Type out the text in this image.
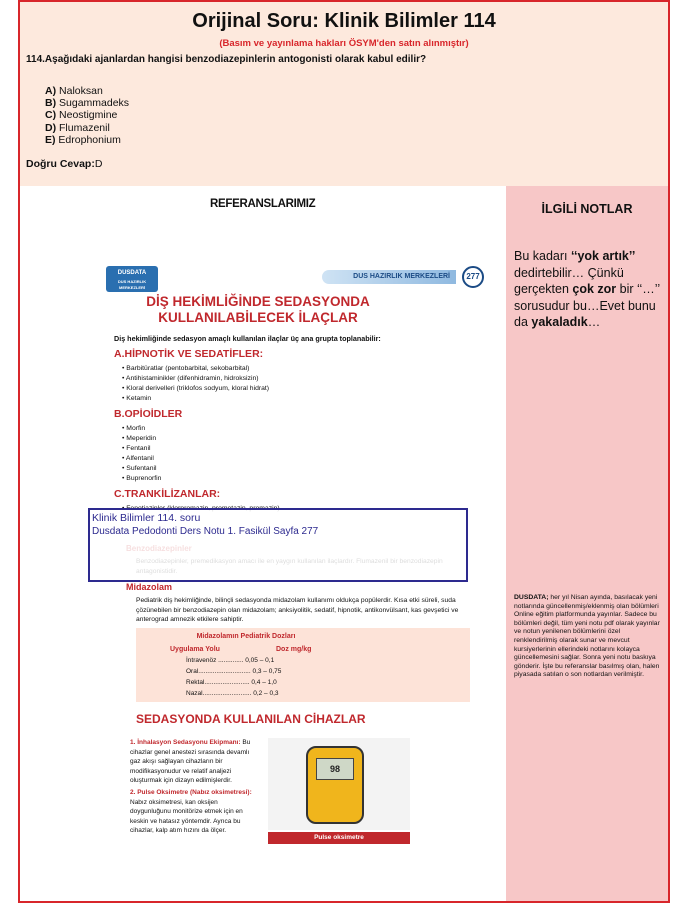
Orijinal Soru: Klinik Bilimler 114
(Basım ve yayınlama hakları ÖSYM'den satın alınmıştır)
114.Aşağıdaki ajanlardan hangisi benzodiazepinlerin antogonisti olarak kabul edilir?
A) Naloksan
B) Sugammadeks
C) Neostigmine
D) Flumazenil
E) Edrophonium
Doğru Cevap:D
REFERANSLARIMIZ
DUSDATA
DUS HAZIRLIK MERKEZLERİ
DUS HAZIRLIK MERKEZLERİ	277
DİŞ HEKİMLİĞİNDE SEDASYONDA
KULLANILABİLECEK İLAÇLAR
Diş hekimliğinde sedasyon amaçlı kullanılan ilaçlar üç ana grupta toplanabilir:
A.HİPNOTİK VE SEDATİFLER:
• Barbitüratlar (pentobarbital, sekobarbital)
• Antihistaminikler (difenhidramin, hidroksizin)
• Kloral derivelleri (triklofos sodyum, kloral hidrat)
• Ketamin
B.OPİOİDLER
• Morfin
• Meperidin
• Fentanil
• Alfentanil
• Sufentanil
• Buprenorfin
C.TRANKİLİZANLAR:
•
Midazolam
Pediatrik diş hekimliğinde, bilinçli sedasyonda midazolam kullanımı oldukça popülerdir. Kısa etki süreli, suda çözünebilen bir benzodiazepin olan midazolam; anksiyolitik, sedatif, hipnotik, antikonvülsant, kas gevşetici ve anterograd amnezik etkilere sahiptir.
Midazolamın Pediatrik Dozları
Uygulama Yolu	Doz mg/kg
İntravenöz .............. 0,05 – 0,1
Oral............................. 0,3 – 0,75
Rektal......................... 0,4 – 1,0
Nazal........................... 0,2 – 0,3
SEDASYONDA KULLANILAN CİHAZLAR
1. İnhalasyon Sedasyonu Ekipmanı: Bu cihazlar genel anestezi sırasında devamlı gaz akışı sağlayan cihazların bir modifikasyonudur ve relatif analjezi oluşturmak için dizayn edilmişlerdir.
2. Pulse Oksimetre (Nabız oksimetresi): Nabız oksimetresi, kan oksijen doygunluğunu monitörize etmek için en keskin ve hatasız yöntemdir. Ayrıca bu cihazlar, kalp atım hızını da ölçer.
98
Pulse oksimetre
Klinik Bilimler 114. soru
Dusdata Pedodonti Ders Notu 1. Fasikül Sayfa 277
İLGİLİ NOTLAR
Bu kadarı ‘‘yok artık’’ dedirtebilir… Çünkü gerçekten çok zor bir ‘‘…’’ sorusudur bu…Evet bunu da yakaladık…
DUSDATA; her yıl Nisan ayında, basılacak yeni notlarında güncellenmiş/eklenmiş olan bölümleri Online eğitim platformunda yayınlar. Sadece bu bölümleri değil, tüm yeni notu pdf olarak yayınlar ve notun yenilenen bölümlerini özel renklendirilmiş olarak sunar ve mevcut kursiyerlerinin ellerindeki notlarını kolayca güncellemesini sağlar. Sonra yeni notu baskıya gönderir. İşte bu referanslar basılmış olan, halen piyasada satılan o son notlardan verilmiştir.
